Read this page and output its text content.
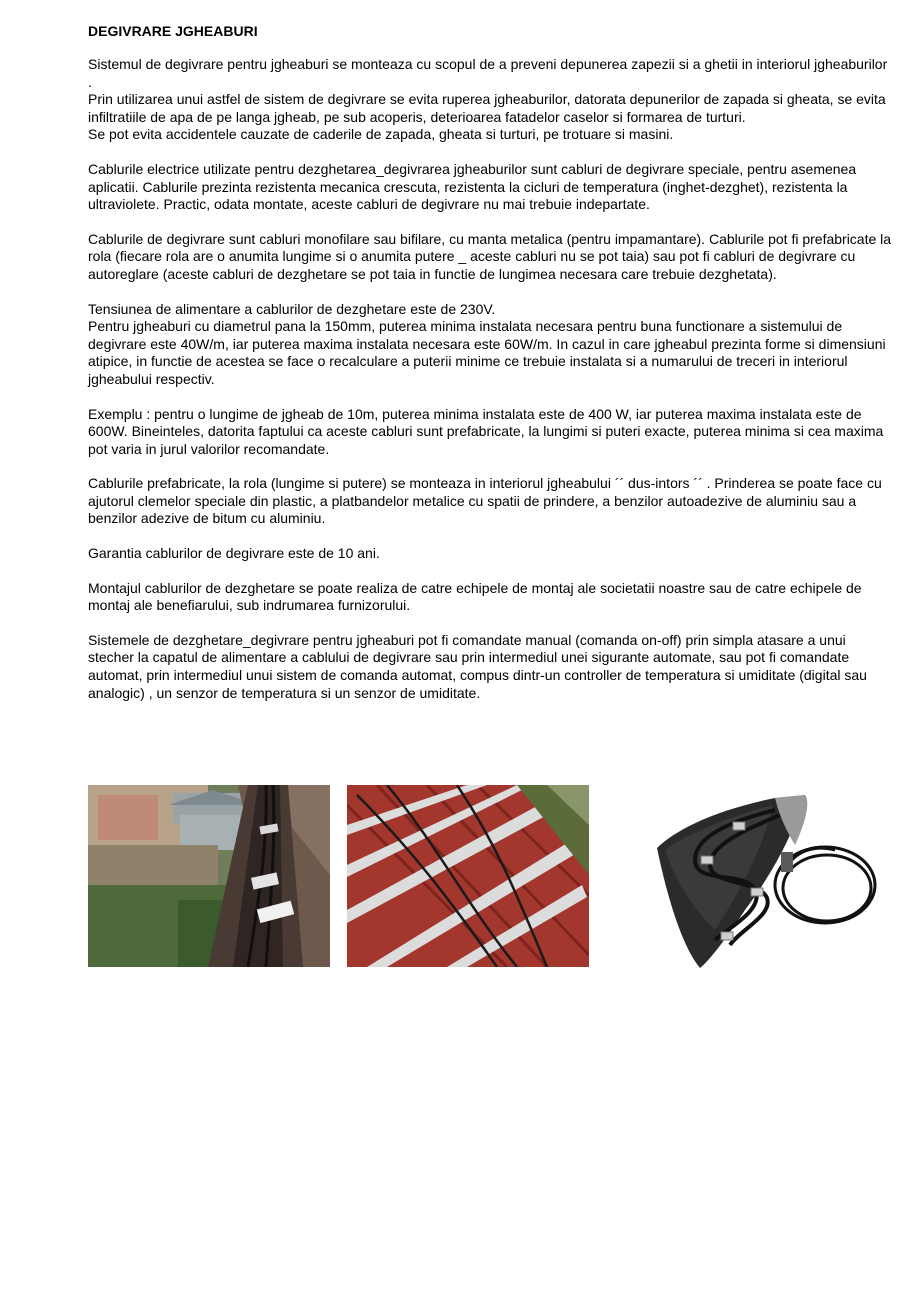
DEGIVRARE JGHEABURI
Sistemul de degivrare pentru jgheaburi se monteaza cu scopul de a preveni depunerea zapezii si a ghetii in interiorul jgheaburilor .
Prin utilizarea unui astfel de sistem de degivrare se evita ruperea jgheaburilor, datorata depunerilor de zapada si gheata, se evita infiltratiile de apa de pe langa jgheab, pe sub acoperis, deterioarea fatadelor caselor si formarea de turturi.
Se pot evita accidentele cauzate de caderile de zapada, gheata si turturi, pe trotuare si masini.
Cablurile electrice utilizate pentru dezghetarea_degivrarea jgheaburilor sunt cabluri de degivrare speciale, pentru asemenea aplicatii. Cablurile prezinta rezistenta mecanica crescuta, rezistenta la cicluri de temperatura (inghet-dezghet), rezistenta la ultraviolete. Practic, odata montate, aceste cabluri de degivrare nu mai trebuie indepartate.
Cablurile de degivrare sunt cabluri monofilare sau bifilare, cu manta metalica (pentru impamantare). Cablurile pot fi prefabricate la rola (fiecare rola are o anumita lungime si o anumita putere _ aceste cabluri nu se pot taia) sau pot fi cabluri de degivrare cu autoreglare (aceste cabluri de dezghetare se pot taia in functie de lungimea necesara care trebuie dezghetata).
Tensiunea de alimentare a cablurilor de dezghetare este de 230V.
Pentru jgheaburi cu diametrul pana la 150mm, puterea minima instalata necesara pentru buna functionare a sistemului de degivrare este 40W/m, iar puterea maxima instalata necesara este 60W/m. In cazul in care jgheabul prezinta forme si dimensiuni atipice, in functie de acestea se face o recalculare a puterii minime ce trebuie instalata si a numarului de treceri in interiorul jgheabului respectiv.
Exemplu : pentru o lungime de jgheab de 10m, puterea minima instalata este de 400 W, iar puterea maxima instalata este de 600W. Bineinteles, datorita faptului ca aceste cabluri sunt prefabricate, la lungimi si puteri exacte, puterea minima si cea maxima pot varia in jurul valorilor recomandate.
Cablurile prefabricate, la rola (lungime si putere) se monteaza in interiorul jgheabului ´´ dus-intors ´´ . Prinderea se poate face cu ajutorul clemelor speciale din plastic, a platbandelor metalice cu spatii de prindere, a benzilor autoadezive de aluminiu sau a benzilor adezive de bitum cu aluminiu.
Garantia cablurilor de degivrare este de 10 ani.
Montajul cablurilor de dezghetare se poate realiza de catre echipele de montaj ale societatii noastre sau de catre echipele de montaj ale benefiarului, sub indrumarea furnizorului.
Sistemele de dezghetare_degivrare pentru jgheaburi pot fi comandate manual (comanda on-off) prin simpla atasare a unui stecher la capatul de alimentare a cablului de degivrare sau prin intermediul unei sigurante automate, sau pot fi comandate automat, prin intermediul unui sistem de comanda automat, compus dintr-un controller de temperatura si umiditate (digital sau analogic) , un senzor de temperatura si un senzor de umiditate.
